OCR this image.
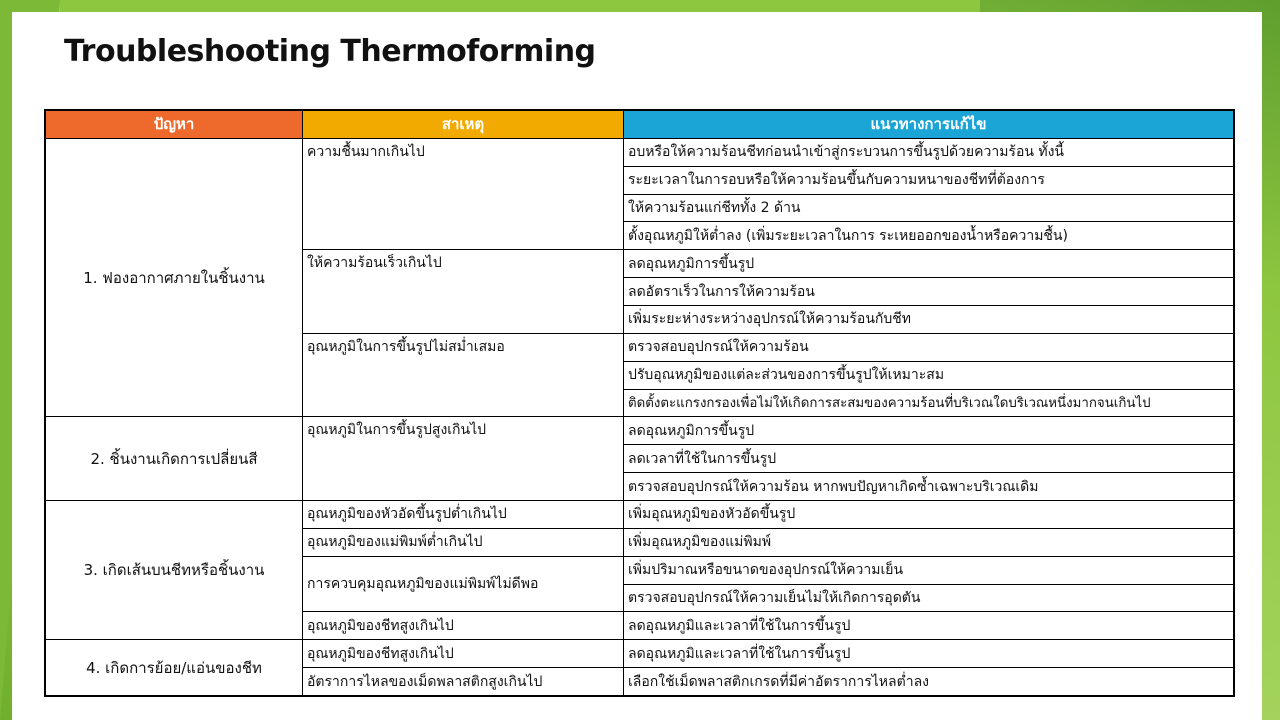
Troubleshooting Thermoforming
ปัญหา	สาเหตุ	แนวทางการแก้ไข
1. ฟองอากาศภายในชิ้นงาน
2. ชิ้นงานเกิดการเปลี่ยนสี
3. เกิดเส้นบนชีทหรือชิ้นงาน
4. เกิดการย้อย/แอ่นของชีท
ความชื้นมากเกินไป
ให้ความร้อนเร็วเกินไป
อุณหภูมิในการขึ้นรูปไม่สม่ำเสมอ
อุณหภูมิในการขึ้นรูปสูงเกินไป
อุณหภูมิของหัวอัดขึ้นรูปต่ำเกินไป
อุณหภูมิของแม่พิมพ์ต่ำเกินไป
การควบคุมอุณหภูมิของแม่พิมพ์ไม่ดีพอ
อุณหภูมิของชีทสูงเกินไป
อุณหภูมิของชีทสูงเกินไป
อัตราการไหลของเม็ดพลาสติกสูงเกินไป
อบหรือให้ความร้อนชีทก่อนนำเข้าสู่กระบวนการขึ้นรูปด้วยความร้อน ทั้งนี้
ระยะเวลาในการอบหรือให้ความร้อนขึ้นกับความหนาของชีทที่ต้องการ
ให้ความร้อนแก่ชีททั้ง 2 ด้าน
ตั้งอุณหภูมิให้ต่ำลง (เพิ่มระยะเวลาในการ ระเหยออกของน้ำหรือความชื้น)
ลดอุณหภูมิการขึ้นรูป
ลดอัตราเร็วในการให้ความร้อน
เพิ่มระยะห่างระหว่างอุปกรณ์ให้ความร้อนกับชีท
ตรวจสอบอุปกรณ์ให้ความร้อน
ปรับอุณหภูมิของแต่ละส่วนของการขึ้นรูปให้เหมาะสม
ติดตั้งตะแกรงกรองเพื่อไม่ให้เกิดการสะสมของความร้อนที่บริเวณใดบริเวณหนึ่งมากจนเกินไป
ลดอุณหภูมิการขึ้นรูป
ลดเวลาที่ใช้ในการขึ้นรูป
ตรวจสอบอุปกรณ์ให้ความร้อน หากพบปัญหาเกิดซ้ำเฉพาะบริเวณเดิม
เพิ่มอุณหภูมิของหัวอัดขึ้นรูป
เพิ่มอุณหภูมิของแม่พิมพ์
เพิ่มปริมาณหรือขนาดของอุปกรณ์ให้ความเย็น
ตรวจสอบอุปกรณ์ให้ความเย็นไม่ให้เกิดการอุดตัน
ลดอุณหภูมิและเวลาที่ใช้ในการขึ้นรูป
ลดอุณหภูมิและเวลาที่ใช้ในการขึ้นรูป
เลือกใช้เม็ดพลาสติกเกรดที่มีค่าอัตราการไหลต่ำลง
